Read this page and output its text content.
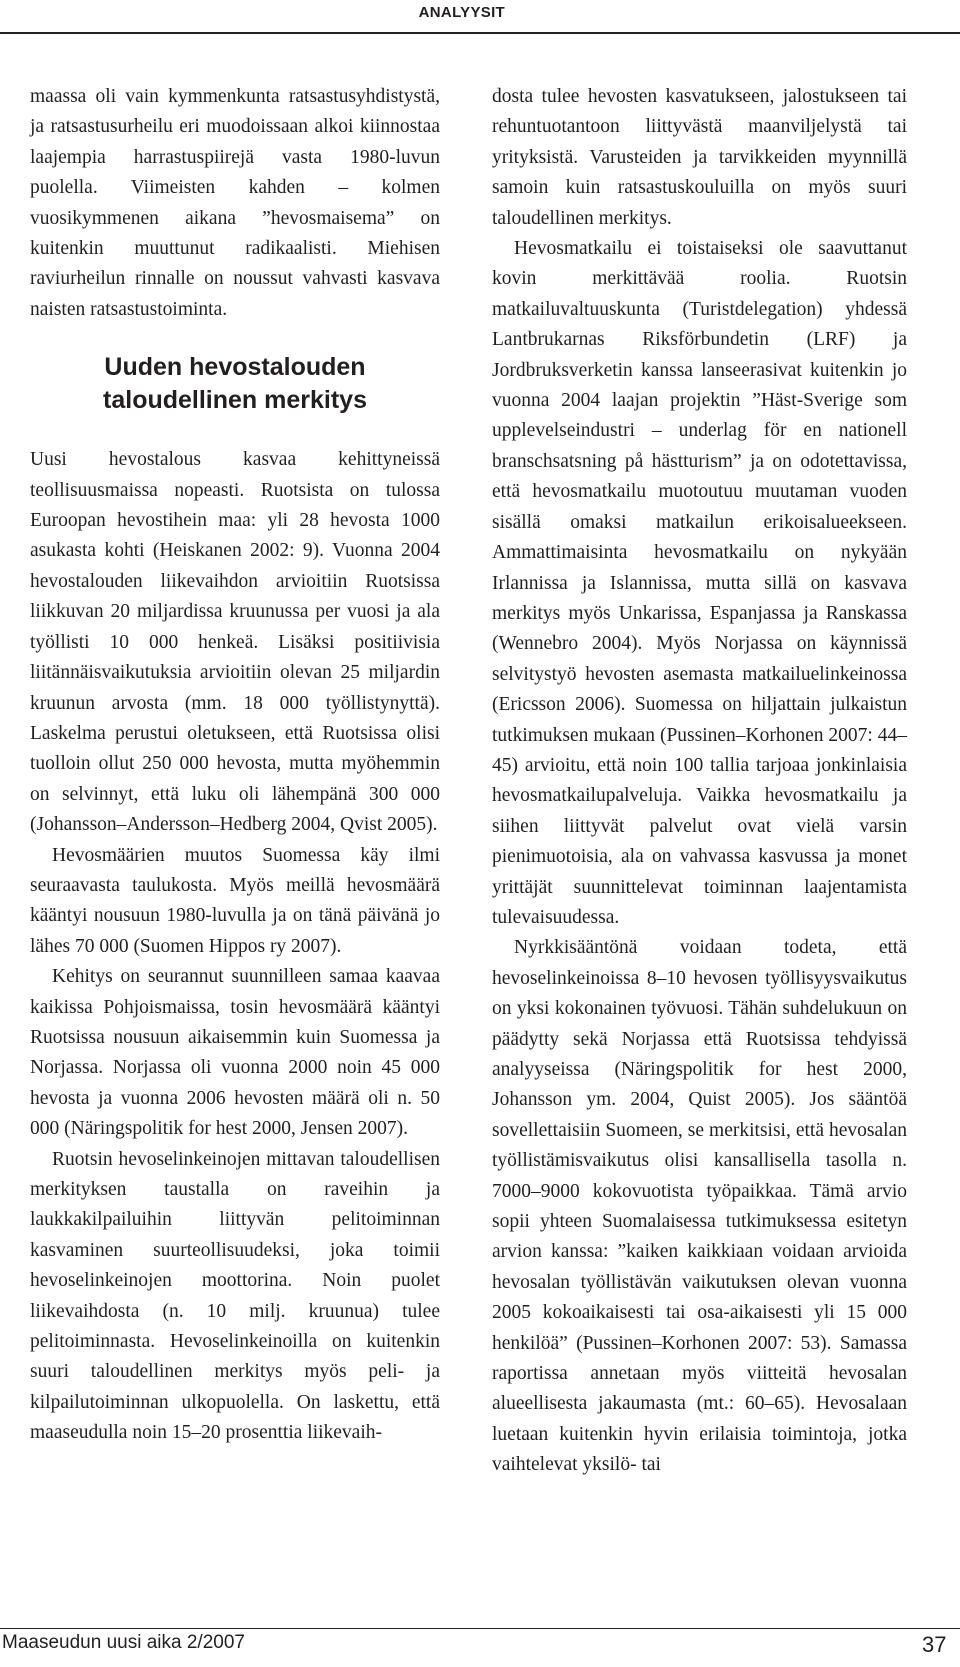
ANALYYSIT

maassa oli vain kymmenkunta ratsastusyhdistystä, ja ratsastusurheilu eri muodoissaan alkoi kiinnostaa laajempia harrastuspiirejä vasta 1980-luvun puolella. Viimeisten kahden – kolmen vuosikymmenen aikana ”hevosmaisema” on kuitenkin muuttunut radikaalisti. Miehisen raviurheilun rinnalle on noussut vahvasti kasvava naisten ratsastustoiminta.

Uuden hevostalouden
taloudellinen merkitys

Uusi hevostalous kasvaa kehittyneissä teollisuusmaissa nopeasti. Ruotsista on tulossa Euroopan hevostihein maa: yli 28 hevosta 1000 asukasta kohti (Heiskanen 2002: 9). Vuonna 2004 hevostalouden liikevaihdon arvioitiin Ruotsissa liikkuvan 20 miljardissa kruunussa per vuosi ja ala työllisti 10 000 henkeä. Lisäksi positiivisia liitännäisvaikutuksia arvioitiin olevan 25 miljardin kruunun arvosta (mm. 18 000 työllistynyttä). Laskelma perustui oletukseen, että Ruotsissa olisi tuolloin ollut 250 000 hevosta, mutta myöhemmin on selvinnyt, että luku oli lähempänä 300 000 (Johansson–Andersson–Hedberg 2004, Qvist 2005).

Hevosmäärien muutos Suomessa käy ilmi seuraavasta taulukosta. Myös meillä hevosmäärä kääntyi nousuun 1980-luvulla ja on tänä päivänä jo lähes 70 000 (Suomen Hippos ry 2007).

Kehitys on seurannut suunnilleen samaa kaavaa kaikissa Pohjoismaissa, tosin hevosmäärä kääntyi Ruotsissa nousuun aikaisemmin kuin Suomessa ja Norjassa. Norjassa oli vuonna 2000 noin 45 000 hevosta ja vuonna 2006 hevosten määrä oli n. 50 000 (Näringspolitik for hest 2000, Jensen 2007).

Ruotsin hevoselinkeinojen mittavan taloudellisen merkityksen taustalla on raveihin ja laukkakilpailuihin liittyvän pelitoiminnan kasvaminen suurteollisuudeksi, joka toimii hevoselinkeinojen moottorina. Noin puolet liikevaihdosta (n. 10 milj. kruunua) tulee pelitoiminnasta. Hevoselinkeinoilla on kuitenkin suuri taloudellinen merkitys myös peli- ja kilpailutoiminnan ulkopuolella. On laskettu, että maaseudulla noin 15–20 prosenttia liikevaih-

dosta tulee hevosten kasvatukseen, jalostukseen tai rehuntuotantoon liittyvästä maanviljelystä tai yrityksistä. Varusteiden ja tarvikkeiden myynnillä samoin kuin ratsastuskouluilla on myös suuri taloudellinen merkitys.

Hevosmatkailu ei toistaiseksi ole saavuttanut kovin merkittävää roolia. Ruotsin matkailuvaltuuskunta (Turistdelegation) yhdessä Lantbrukarnas Riksförbundetin (LRF) ja Jordbruksverketin kanssa lanseerasivat kuitenkin jo vuonna 2004 laajan projektin ”Häst-Sverige som upplevelseindustri – underlag för en nationell branschsatsning på hästturism” ja on odotettavissa, että hevosmatkailu muotoutuu muutaman vuoden sisällä omaksi matkailun erikoisalueekseen. Ammattimaisinta hevosmatkailu on nykyään Irlannissa ja Islannissa, mutta sillä on kasvava merkitys myös Unkarissa, Espanjassa ja Ranskassa (Wennebro 2004). Myös Norjassa on käynnissä selvitystyö hevosten asemasta matkailuelinkeinossa (Ericsson 2006). Suomessa on hiljattain julkaistun tutkimuksen mukaan (Pussinen–Korhonen 2007: 44–45) arvioitu, että noin 100 tallia tarjoaa jonkinlaisia hevosmatkailupalveluja. Vaikka hevosmatkailu ja siihen liittyvät palvelut ovat vielä varsin pienimuotoisia, ala on vahvassa kasvussa ja monet yrittäjät suunnittelevat toiminnan laajentamista tulevaisuudessa.

Nyrkkisääntönä voidaan todeta, että hevoselinkeinoissa 8–10 hevosen työllisyysvaikutus on yksi kokonainen työvuosi. Tähän suhdelukuun on päädytty sekä Norjassa että Ruotsissa tehdyissä analyyseissa (Näringspolitik for hest 2000, Johansson ym. 2004, Quist 2005). Jos sääntöä sovellettaisiin Suomeen, se merkitsisi, että hevosalan työllistämisvaikutus olisi kansallisella tasolla n. 7000–9000 kokovuotista työpaikkaa. Tämä arvio sopii yhteen Suomalaisessa tutkimuksessa esitetyn arvion kanssa: ”kaiken kaikkiaan voidaan arvioida hevosalan työllistävän vaikutuksen olevan vuonna 2005 kokoaikaisesti tai osa-aikaisesti yli 15 000 henkilöä” (Pussinen–Korhonen 2007: 53). Samassa raportissa annetaan myös viitteitä hevosalan alueellisesta jakaumasta (mt.: 60–65). Hevosalaan luetaan kuitenkin hyvin erilaisia toimintoja, jotka vaihtelevat yksilö- tai

Maaseudun uusi aika 2/2007	37
